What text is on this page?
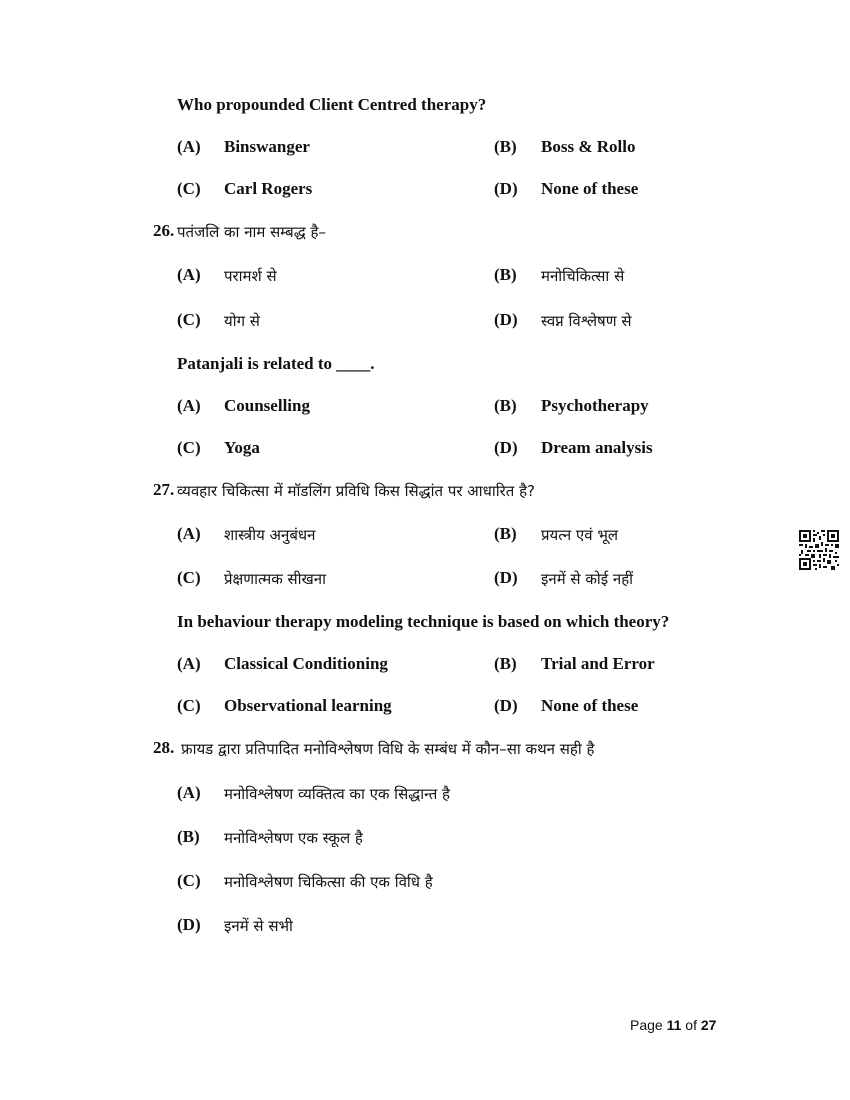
Who propounded Client Centred therapy?
(A) Binswanger	(B) Boss & Rollo
(C) Carl Rogers	(D) None of these
26. पतंजलि का नाम सम्बद्ध है–
(A) परामर्श से	(B) मनोचिकित्सा से
(C) योग से	(D) स्वप्न विश्लेषण से
Patanjali is related to ____.
(A) Counselling	(B) Psychotherapy
(C) Yoga	(D) Dream analysis
27. व्यवहार चिकित्सा में मॉडलिंग प्रविधि किस सिद्धांत पर आधारित है?
(A) शास्त्रीय अनुबंधन	(B) प्रयत्न एवं भूल
(C) प्रेक्षणात्मक सीखना	(D) इनमें से कोई नहीं
In behaviour therapy modeling technique is based on which theory?
(A) Classical Conditioning	(B) Trial and Error
(C) Observational learning	(D) None of these
28. फ्रायड द्वारा प्रतिपादित मनोविश्लेषण विधि के सम्बंध में कौन–सा कथन सही है
(A) मनोविश्लेषण व्यक्तित्व का एक सिद्धान्त है
(B) मनोविश्लेषण एक स्कूल है
(C) मनोविश्लेषण चिकित्सा की एक विधि है
(D) इनमें से सभी
Page 11 of 27
